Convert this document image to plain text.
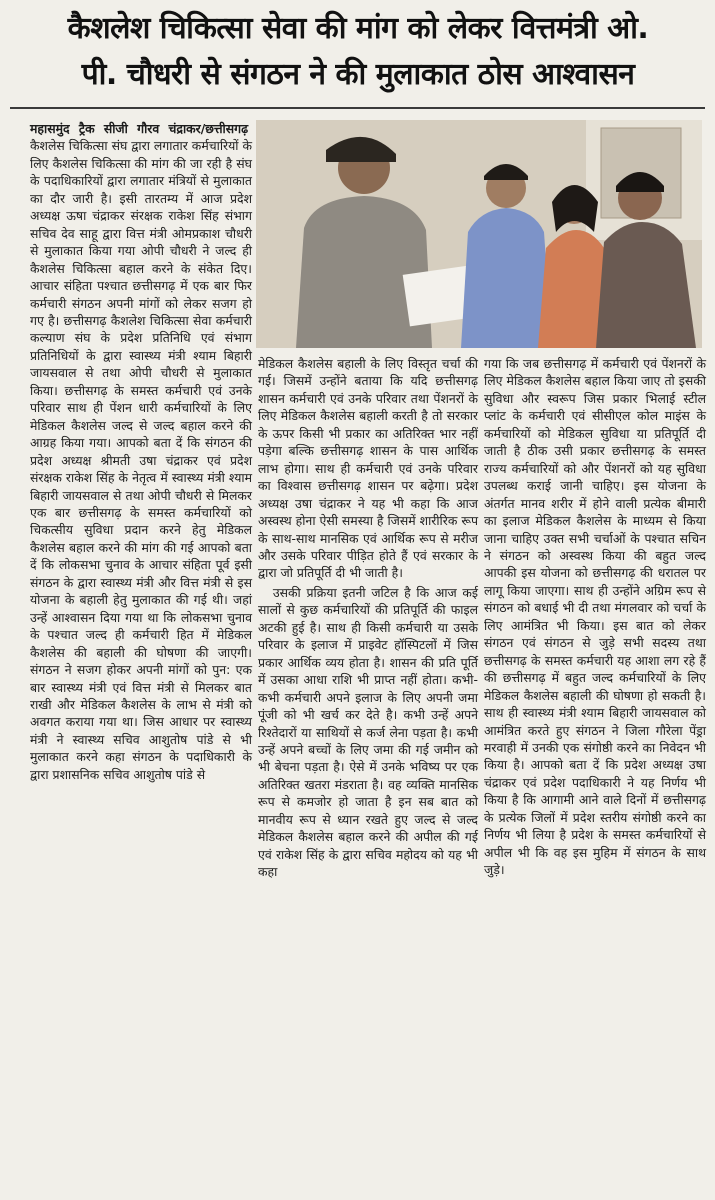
कैशलेश चिकित्सा सेवा की मांग को लेकर वित्तमंत्री ओ.
पी. चौधरी से संगठन ने की मुलाकात ठोस आश्वासन

महासमुंद ट्रैक सीजी गौरव चंद्राकर/छत्तीसगढ़  कैशलेस चिकित्सा संघ द्वारा लगातार कर्मचारियों के लिए कैशलेस चिकित्सा की मांग की जा रही है संघ के पदाधिकारियों द्वारा लगातार मंत्रियों से मुलाकात का दौर जारी है। इसी तारतम्य में आज प्रदेश अध्यक्ष ऊषा चंद्राकर संरक्षक राकेश सिंह संभाग सचिव देव साहू द्वारा वित्त मंत्री ओमप्रकाश चौधरी से मुलाकात किया गया ओपी चौधरी ने जल्द ही कैशलेस चिकित्सा बहाल करने के संकेत दिए। आचार संहिता पश्चात छत्तीसगढ़ में एक बार फिर कर्मचारी संगठन अपनी मांगों को लेकर सजग हो गए है। छत्तीसगढ़ कैशलेश चिकित्सा सेवा कर्मचारी कल्याण संघ के प्रदेश प्रतिनिधि एवं संभाग प्रतिनिधियों के द्वारा स्वास्थ्य मंत्री श्याम बिहारी जायसवाल से तथा ओपी चौधरी से मुलाकात किया। छत्तीसगढ़ के समस्त कर्मचारी एवं उनके परिवार साथ ही पेंशन धारी कर्मचारियों के लिए मेडिकल कैशलेस जल्द से जल्द बहाल करने की आग्रह किया गया। आपको बता दें कि संगठन की प्रदेश अध्यक्ष श्रीमती उषा चंद्राकर एवं प्रदेश संरक्षक राकेश सिंह के नेतृत्व में स्वास्थ्य मंत्री श्याम बिहारी जायसवाल से तथा ओपी चौधरी से मिलकर एक बार छत्तीसगढ़ के समस्त कर्मचारियों को चिकत्सीय सुविधा प्रदान करने हेतु मेडिकल कैशलेस बहाल करने की मांग की गई आपको बता दें कि लोकसभा चुनाव के आचार संहिता पूर्व इसी संगठन के द्वारा स्वास्थ्य मंत्री और वित्त मंत्री से इस योजना के बहाली हेतु मुलाकात की गई थी। जहां उन्हें आश्वासन दिया गया था कि लोकसभा चुनाव के पश्चात जल्द ही कर्मचारी हित में मेडिकल कैशलेस की बहाली की घोषणा की जाएगी। संगठन ने सजग होकर अपनी मांगों को पुन: एक बार स्वास्थ्य मंत्री एवं वित्त मंत्री से मिलकर बात राखी और मेडिकल कैशलेस के लाभ से मंत्री को अवगत कराया गया था। जिस आधार पर स्वास्थ्य मंत्री ने स्वास्थ्य सचिव आशुतोष पांडे से भी मुलाकात करने कहा संगठन के पदाधिकारी के द्वारा प्रशासनिक सचिव आशुतोष पांडे से

मेडिकल कैशलेस बहाली के लिए विस्तृत चर्चा की गई। जिसमें उन्होंने बताया कि यदि छत्तीसगढ़ शासन कर्मचारी एवं उनके परिवार तथा पेंशनरों के लिए मेडिकल कैशलेस बहाली करती है तो सरकार के ऊपर किसी भी प्रकार का अतिरिक्त भार नहीं पड़ेगा बल्कि छत्तीसगढ़ शासन के पास आर्थिक लाभ होगा। साथ ही कर्मचारी एवं उनके परिवार का विश्वास छत्तीसगढ़ शासन पर बढ़ेगा। प्रदेश अध्यक्ष उषा चंद्राकर ने यह भी कहा कि आज अस्वस्थ होना ऐसी समस्या है जिसमें शारीरिक रूप के साथ-साथ मानसिक एवं आर्थिक रूप से मरीज और उसके परिवार पीड़ित होते हैं एवं सरकार के द्वारा जो प्रतिपूर्ति दी भी जाती है।

उसकी प्रक्रिया इतनी जटिल है कि आज कई सालों से कुछ कर्मचारियों की प्रतिपूर्ति की फाइल अटकी हुई है। साथ ही किसी कर्मचारी या उसके परिवार के इलाज में प्राइवेट हॉस्पिटलों में जिस प्रकार आर्थिक व्यय होता है। शासन की प्रति पूर्ति में उसका आधा राशि भी प्राप्त नहीं होता। कभी-कभी कर्मचारी अपने इलाज के लिए अपनी जमा पूंजी को भी खर्च कर देते है। कभी उन्हें अपने रिश्तेदारों या साथियों से कर्ज लेना पड़ता है। कभी उन्हें अपने बच्चों के लिए जमा की गई जमीन को भी बेचना पड़ता है। ऐसे में उनके भविष्य पर एक अतिरिक्त खतरा मंडराता है। वह व्यक्ति मानसिक रूप से कमजोर हो जाता है इन सब बात को मानवीय रूप से ध्यान रखते हुए जल्द से जल्द मेडिकल कैशलेस बहाल करने की अपील की गई एवं राकेश सिंह के द्वारा सचिव महोदय को यह भी कहा

गया कि जब छत्तीसगढ़ में कर्मचारी एवं पेंशनरों के लिए मेडिकल कैशलेस बहाल किया जाए तो इसकी सुविधा और स्वरूप जिस प्रकार भिलाई स्टील प्लांट के कर्मचारी एवं सीसीएल कोल माइंस के कर्मचारियों को मेडिकल सुविधा या प्रतिपूर्ति दी जाती है ठीक उसी प्रकार छत्तीसगढ़ के समस्त राज्य कर्मचारियों को और पेंशनरों को यह सुविधा उपलब्ध कराई जानी चाहिए। इस योजना के अंतर्गत मानव शरीर में होने वाली प्रत्येक बीमारी का इलाज मेडिकल कैशलेस के माध्यम से किया जाना चाहिए उक्त सभी चर्चाओं के पश्चात सचिन ने संगठन को अस्वस्थ किया की बहुत जल्द आपकी इस योजना को छत्तीसगढ़ की धरातल पर लागू किया जाएगा। साथ ही उन्होंने अग्रिम रूप से संगठन को बधाई भी दी तथा मंगलवार को चर्चा के लिए आमंत्रित भी किया। इस बात को लेकर संगठन एवं संगठन से जुड़े सभी सदस्य तथा छत्तीसगढ़ के समस्त कर्मचारी यह आशा लग रहे हैं की छत्तीसगढ़ में बहुत जल्द कर्मचारियों के लिए मेडिकल कैशलेस बहाली की घोषणा हो सकती है। साथ ही स्वास्थ्य मंत्री श्याम बिहारी जायसवाल को आमंत्रित करते हुए संगठन ने जिला गौरेला पेंड्रा मरवाही में उनकी एक संगोष्ठी करने का निवेदन भी किया है। आपको बता दें कि प्रदेश अध्यक्ष उषा चंद्राकर एवं प्रदेश पदाधिकारी ने यह निर्णय भी किया है कि आगामी आने वाले दिनों में छत्तीसगढ़ के प्रत्येक जिलों में प्रदेश स्तरीय संगोष्ठी करने का निर्णय भी लिया है प्रदेश के समस्त कर्मचारियों से अपील भी कि वह इस मुहिम में संगठन के साथ जुड़े।
